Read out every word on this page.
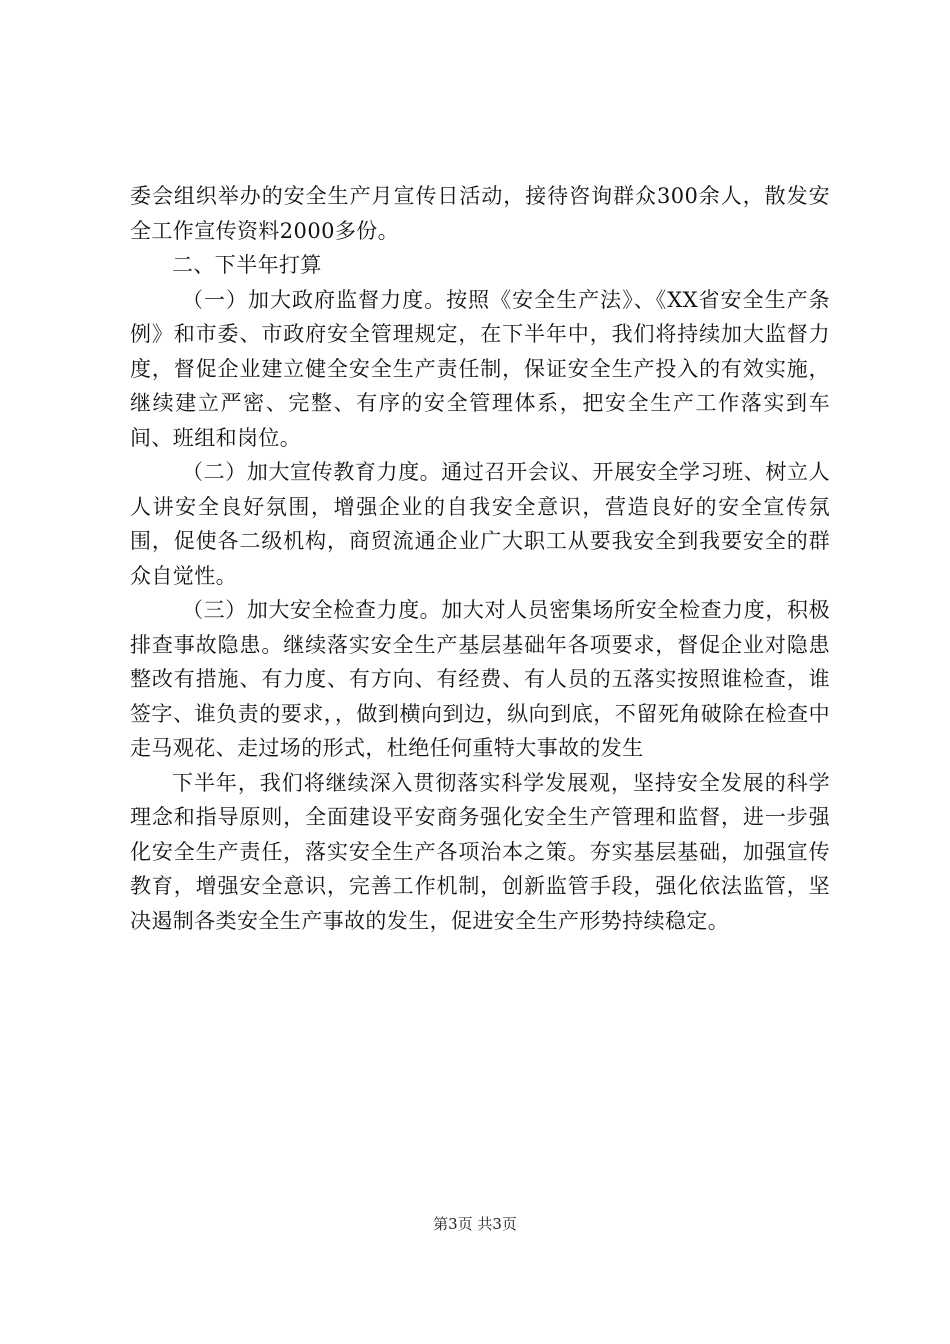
委会组织举办的安全生产月宣传日活动，接待咨询群众300余人，散发安全工作宣传资料2000多份。

二、下半年打算

（一）加大政府监督力度。按照《安全生产法》、《XX省安全生产条例》和市委、市政府安全管理规定，在下半年中，我们将持续加大监督力度，督促企业建立健全安全生产责任制，保证安全生产投入的有效实施，继续建立严密、完整、有序的安全管理体系，把安全生产工作落实到车间、班组和岗位。

（二）加大宣传教育力度。通过召开会议、开展安全学习班、树立人人讲安全良好氛围，增强企业的自我安全意识，营造良好的安全宣传氛围，促使各二级机构，商贸流通企业广大职工从要我安全到我要安全的群众自觉性。

（三）加大安全检查力度。加大对人员密集场所安全检查力度，积极排查事故隐患。继续落实安全生产基层基础年各项要求，督促企业对隐患整改有措施、有力度、有方向、有经费、有人员的五落实按照谁检查，谁签字、谁负责的要求，，做到横向到边，纵向到底，不留死角破除在检查中走马观花、走过场的形式，杜绝任何重特大事故的发生

下半年，我们将继续深入贯彻落实科学发展观，坚持安全发展的科学理念和指导原则，全面建设平安商务强化安全生产管理和监督，进一步强化安全生产责任，落实安全生产各项治本之策。夯实基层基础，加强宣传教育，增强安全意识，完善工作机制，创新监管手段，强化依法监管，坚决遏制各类安全生产事故的发生，促进安全生产形势持续稳定。

第3页 共3页
